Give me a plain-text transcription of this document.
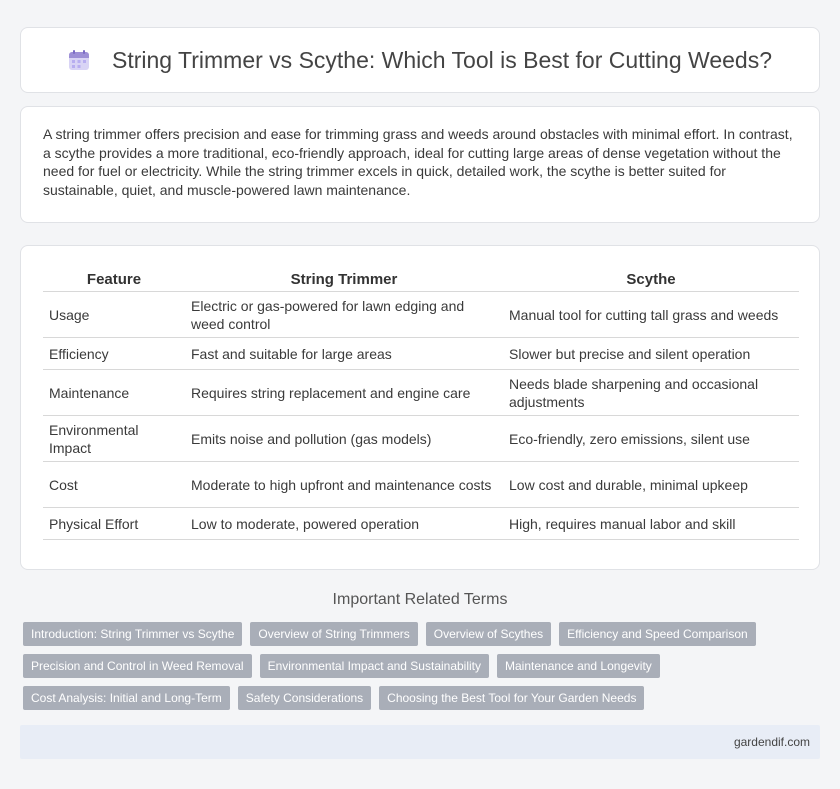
String Trimmer vs Scythe: Which Tool is Best for Cutting Weeds?

A string trimmer offers precision and ease for trimming grass and weeds around obstacles with minimal effort. In contrast, a scythe provides a more traditional, eco-friendly approach, ideal for cutting large areas of dense vegetation without the need for fuel or electricity. While the string trimmer excels in quick, detailed work, the scythe is better suited for sustainable, quiet, and muscle-powered lawn maintenance.

Feature	String Trimmer	Scythe
Usage	Electric or gas-powered for lawn edging and weed control	Manual tool for cutting tall grass and weeds
Efficiency	Fast and suitable for large areas	Slower but precise and silent operation
Maintenance	Requires string replacement and engine care	Needs blade sharpening and occasional adjustments
Environmental Impact	Emits noise and pollution (gas models)	Eco-friendly, zero emissions, silent use
Cost	Moderate to high upfront and maintenance costs	Low cost and durable, minimal upkeep
Physical Effort	Low to moderate, powered operation	High, requires manual labor and skill
Important Related Terms
Introduction: String Trimmer vs Scythe	Overview of String Trimmers	Overview of Scythes	Efficiency and Speed Comparison
Precision and Control in Weed Removal	Environmental Impact and Sustainability	Maintenance and Longevity
Cost Analysis: Initial and Long-Term	Safety Considerations	Choosing the Best Tool for Your Garden Needs
gardendif.com
